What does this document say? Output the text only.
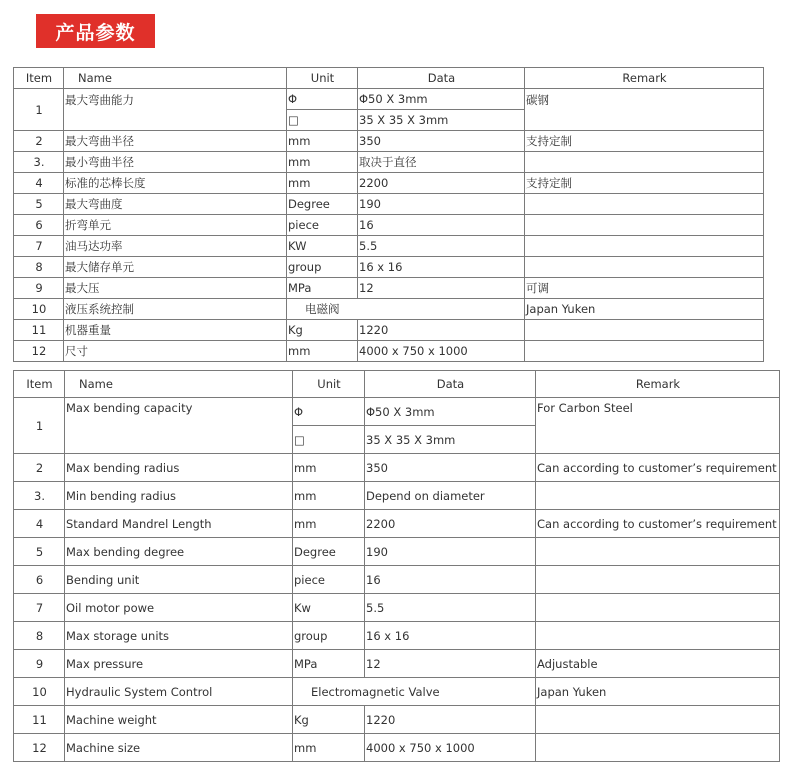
产品参数
Item	Name	Unit	Data	Remark
1	最大弯曲能力	Φ	Φ50 X 3mm	碳钢
		□	35 X 35 X 3mm	
2	最大弯曲半径	mm	350	支持定制
3.	最小弯曲半径	mm	取决于直径	
4	标准的芯棒长度	mm	2200	支持定制
5	最大弯曲度	Degree	190	
6	折弯单元	piece	16	
7	油马达功率	KW	5.5	
8	最大储存单元	group	16 x 16	
9	最大压	MPa	12	可调
10	液压系统控制	电磁阀		Japan Yuken
11	机器重量	Kg	1220	
12	尺寸	mm	4000 x 750 x 1000	
Item	Name	Unit	Data	Remark
1	Max bending capacity	Φ	Φ50 X 3mm	For Carbon Steel
		□	35 X 35 X 3mm	
2	Max bending radius	mm	350	Can according to customer’s requirement
3.	Min bending radius	mm	Depend on diameter	
4	Standard Mandrel Length	mm	2200	Can according to customer’s requirement
5	Max bending degree	Degree	190	
6	Bending unit	piece	16	
7	Oil motor powe	Kw	5.5	
8	Max storage units	group	16 x 16	
9	Max pressure	MPa	12	Adjustable
10	Hydraulic System Control	Electromagnetic Valve		Japan Yuken
11	Machine weight	Kg	1220	
12	Machine size	mm	4000 x 750 x 1000	
